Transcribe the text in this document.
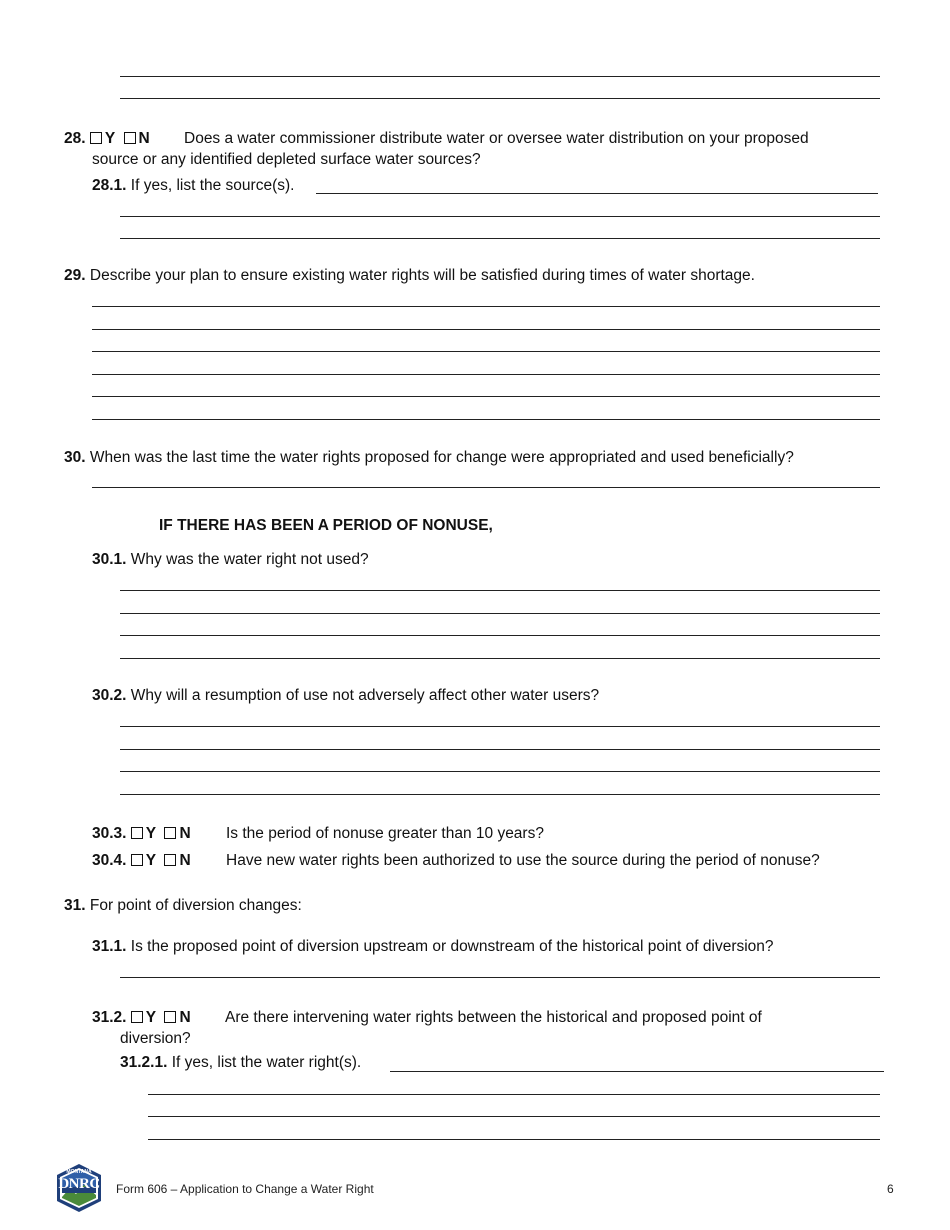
28. Y N Does a water commissioner distribute water or oversee water distribution on your proposed
source or any identified depleted surface water sources?
28.1. If yes, list the source(s).
29. Describe your plan to ensure existing water rights will be satisfied during times of water shortage.
30. When was the last time the water rights proposed for change were appropriated and used beneficially?
IF THERE HAS BEEN A PERIOD OF NONUSE,
30.1. Why was the water right not used?
30.2. Why will a resumption of use not adversely affect other water users?
30.3. Y N Is the period of nonuse greater than 10 years?
30.4. Y N Have new water rights been authorized to use the source during the period of nonuse?
31. For point of diversion changes:
31.1. Is the proposed point of diversion upstream or downstream of the historical point of diversion?
31.2. Y N Are there intervening water rights between the historical and proposed point of
diversion?
31.2.1. If yes, list the water right(s).
MONTANA
DNRC	Form 606 – Application to Change a Water Right	6
